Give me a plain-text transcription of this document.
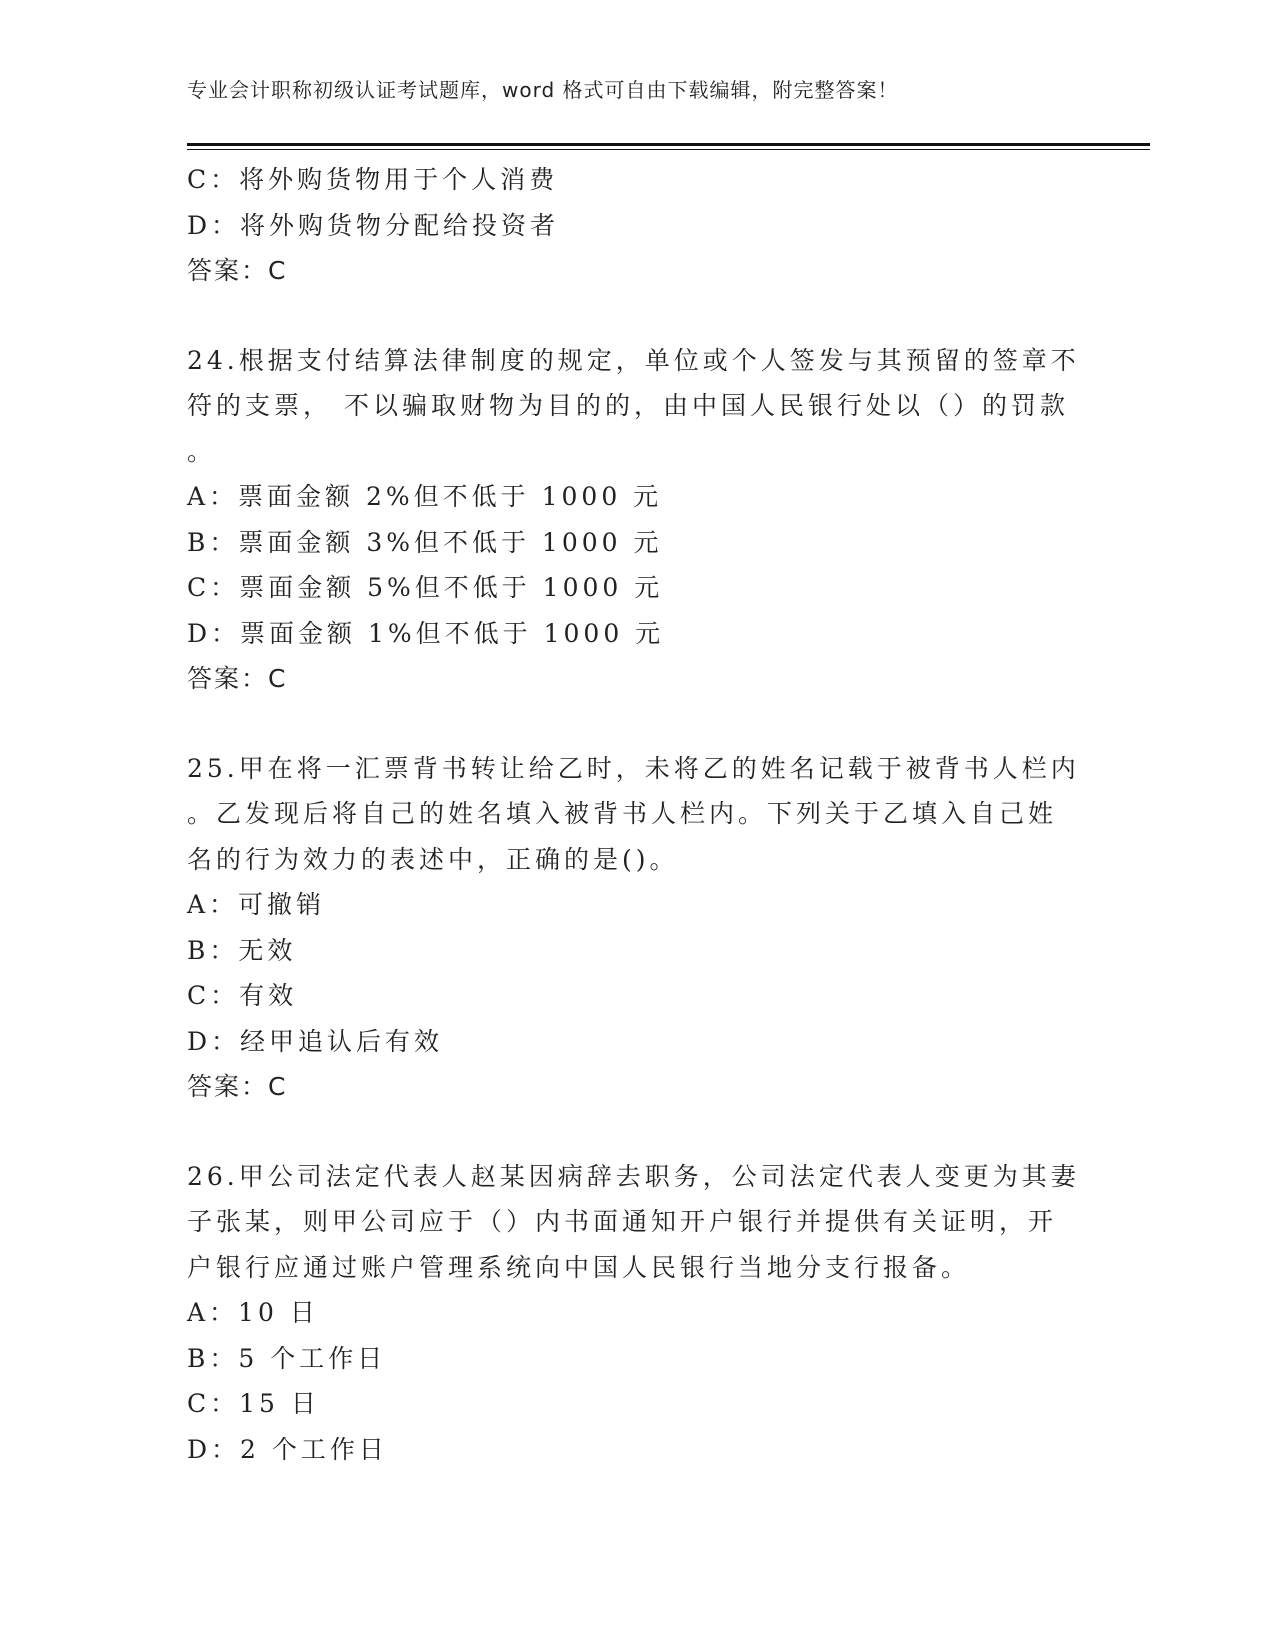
专业会计职称初级认证考试题库，word 格式可自由下载编辑，附完整答案！
C：将外购货物用于个人消费
D：将外购货物分配给投资者
答案：C
24.根据支付结算法律制度的规定，单位或个人签发与其预留的签章不
符的支票， 不以骗取财物为目的的，由中国人民银行处以（）的罚款
。
A：票面金额 2%但不低于 1000 元
B：票面金额 3%但不低于 1000 元
C：票面金额 5%但不低于 1000 元
D：票面金额 1%但不低于 1000 元
答案：C
25.甲在将一汇票背书转让给乙时，未将乙的姓名记载于被背书人栏内
。乙发现后将自己的姓名填入被背书人栏内。下列关于乙填入自己姓
名的行为效力的表述中，正确的是()。
A：可撤销
B：无效
C：有效
D：经甲追认后有效
答案：C
26.甲公司法定代表人赵某因病辞去职务，公司法定代表人变更为其妻
子张某，则甲公司应于（）内书面通知开户银行并提供有关证明，开
户银行应通过账户管理系统向中国人民银行当地分支行报备。
A：10 日
B：5 个工作日
C：15 日
D：2 个工作日
